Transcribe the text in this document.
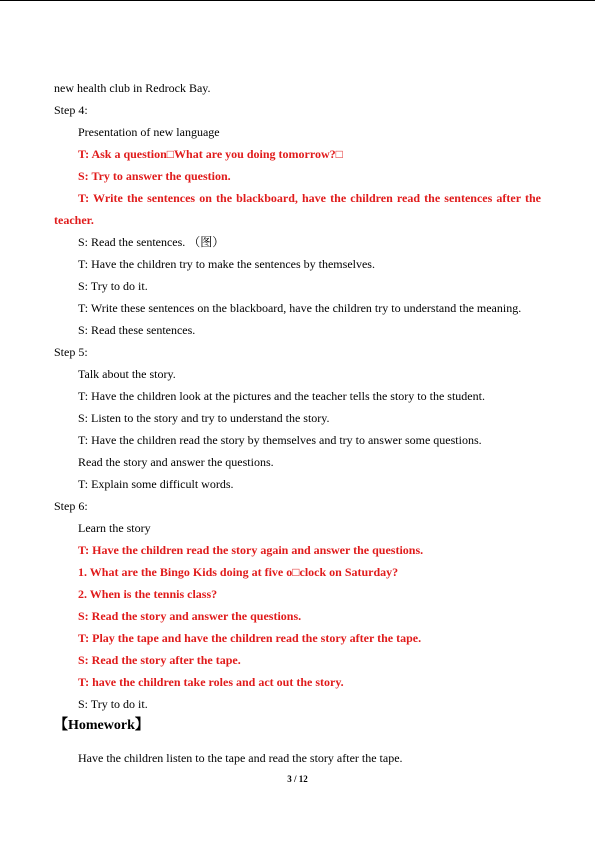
new health club in Redrock Bay.
Step 4:
Presentation of new language
T: Ask a question□What are you doing tomorrow?□
S: Try to answer the question.
T: Write the sentences on the blackboard, have the children read the sentences after the
teacher.
S: Read the sentences. （图）
T: Have the children try to make the sentences by themselves.
S: Try to do it.
T: Write these sentences on the blackboard, have the children try to understand the meaning.
S: Read these sentences.
Step 5:
Talk about the story.
T: Have the children look at the pictures and the teacher tells the story to the student.
S: Listen to the story and try to understand the story.
T: Have the children read the story by themselves and try to answer some questions.
Read the story and answer the questions.
T: Explain some difficult words.
Step 6:
Learn the story
T: Have the children read the story again and answer the questions.
1. What are the Bingo Kids doing at five o□clock on Saturday?
2. When is the tennis class?
S: Read the story and answer the questions.
T: Play the tape and have the children read the story after the tape.
S: Read the story after the tape.
T: have the children take roles and act out the story.
S: Try to do it.
【Homework】
Have the children listen to the tape and read the story after the tape.
3 / 12
